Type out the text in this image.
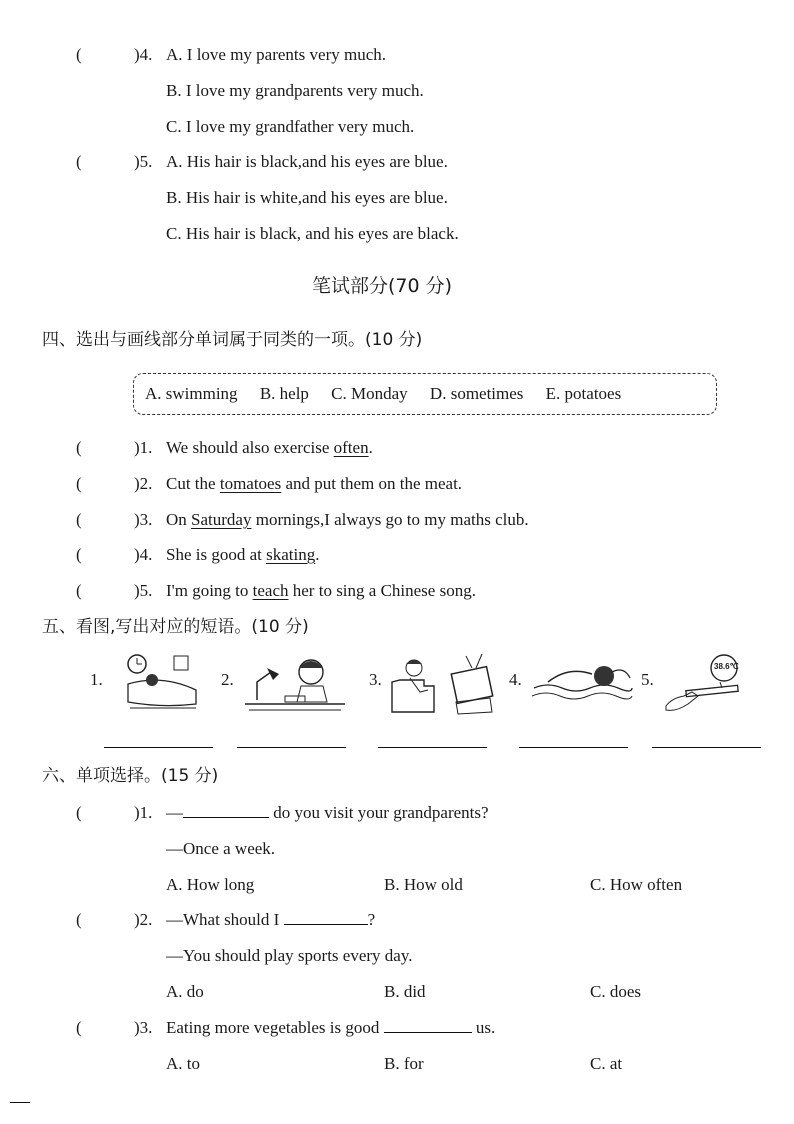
(	)4. A. I love my parents very much.
B. I love my grandparents very much.
C. I love my grandfather very much.
(	)5. A. His hair is black,and his eyes are blue.
B. His hair is white,and his eyes are blue.
C. His hair is black, and his eyes are black.
笔试部分(70 分)
四、选出与画线部分单词属于同类的一项。(10 分)
A. swimming B. help C. Monday D. sometimes E. potatoes
(	)1. We should also exercise often.
(	)2. Cut the tomatoes and put them on the meat.
(	)3. On Saturday mornings,I always go to my maths club.
(	)4. She is good at skating.
(	)5. I'm going to teach her to sing a Chinese song.
五、看图,写出对应的短语。(10 分)
1.	2.	3.	4.	5.
38.6℃
六、单项选择。(15 分)
(	)1. —	do you visit your grandparents?
—Once a week.
A. How long	B. How old	C. How often
(	)2. —What should I	?
—You should play sports every day.
A. do	B. did	C. does
(	)3. Eating more vegetables is good	us.
A. to	B. for	C. at
